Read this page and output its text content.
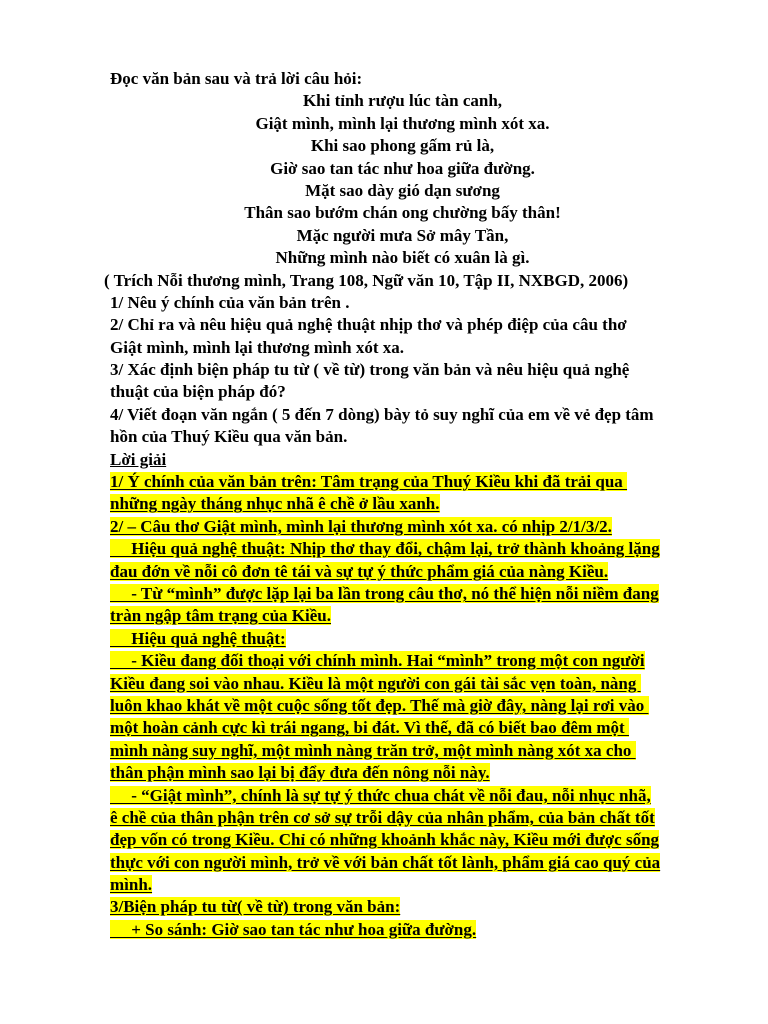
Đọc văn bản sau và trả lời câu hỏi:
Khi tỉnh rượu lúc tàn canh,
Giật mình, mình lại thương mình xót xa.
Khi sao phong gấm rủ là,
Giờ sao tan tác như hoa giữa đường.
Mặt sao dày gió dạn sương
Thân sao bướm chán ong chường bấy thân!
Mặc người mưa Sở mây Tần,
Những mình nào biết có xuân là gì.
( Trích Nỗi thương mình, Trang 108, Ngữ văn 10, Tập II, NXBGD, 2006)
1/ Nêu ý chính của văn bản trên .
2/ Chỉ ra và nêu hiệu quả nghệ thuật nhịp thơ và phép điệp của câu thơ
Giật mình, mình lại thương mình xót xa.
3/ Xác định biện pháp tu từ ( về từ) trong văn bản và nêu hiệu quả nghệ
thuật của biện pháp đó?
4/ Viết đoạn văn ngắn ( 5 đến 7 dòng) bày tỏ suy nghĩ của em về vẻ đẹp tâm
hồn của Thuý Kiều qua văn bản.
Lời giải
1/ Ý chính của văn bản trên: Tâm trạng của Thuý Kiều khi đã trải qua
những ngày tháng nhục nhã ê chề ở lầu xanh.
2/ – Câu thơ Giật mình, mình lại thương mình xót xa. có nhịp 2/1/3/2.
Hiệu quả nghệ thuật: Nhịp thơ thay đổi, chậm lại, trở thành khoảng lặng
đau đớn về nỗi cô đơn tê tái và sự tự ý thức phẩm giá của nàng Kiều.
- Từ “mình” được lặp lại ba lần trong câu thơ, nó thể hiện nỗi niềm đang
tràn ngập tâm trạng của Kiều.
Hiệu quả nghệ thuật:
- Kiều đang đối thoại với chính mình. Hai “mình” trong một con người
Kiều đang soi vào nhau. Kiều là một người con gái tài sắc vẹn toàn, nàng
luôn khao khát về một cuộc sống tốt đẹp. Thế mà giờ đây, nàng lại rơi vào
một hoàn cảnh cực kì trái ngang, bi đát. Vì thế, đã có biết bao đêm một
mình nàng suy nghĩ, một mình nàng trăn trở, một mình nàng xót xa cho
thân phận mình sao lại bị đẩy đưa đến nông nỗi này.
- “Giật mình”, chính là sự tự ý thức chua chát về nỗi đau, nỗi nhục nhã,
ê chề của thân phận trên cơ sở sự trỗi dậy của nhân phẩm, của bản chất tốt
đẹp vốn có trong Kiều. Chỉ có những khoảnh khắc này, Kiều mới được sống
thực với con người mình, trở về với bản chất tốt lành, phẩm giá cao quý của
mình.
3/Biện pháp tu từ( về từ) trong văn bản:
+ So sánh: Giờ sao tan tác như hoa giữa đường.
